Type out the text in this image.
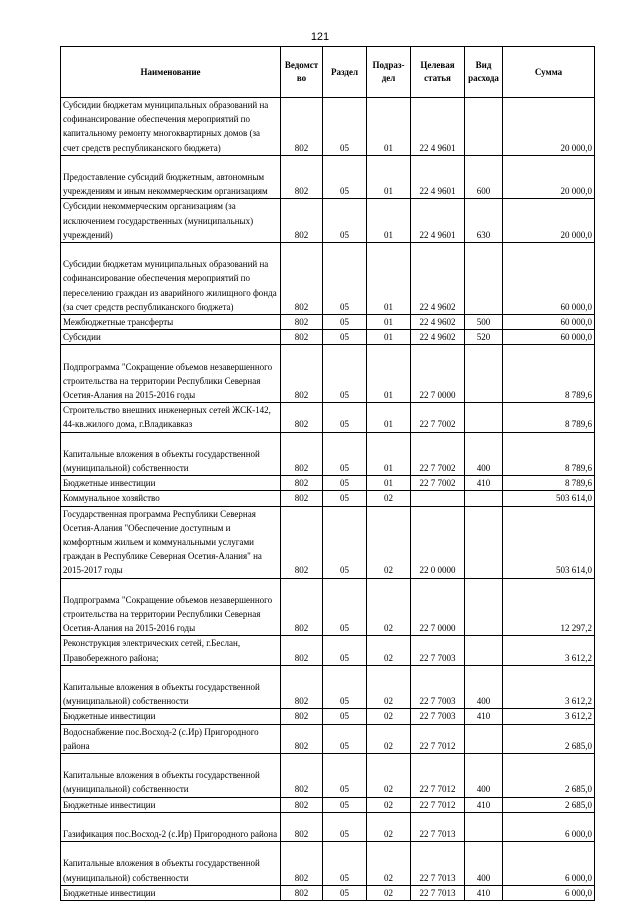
121
Наименование	Ведомст во	Раздел	Подраз- дел	Целевая статья	Вид расхода	Сумма
Субсидии бюджетам муниципальных образований на софинансирование обеспечения мероприятий по капитальному ремонту многоквартирных домов (за счет средств республиканского бюджета)	802	05	01	22 4 9601		20 000,0
Предоставление субсидий бюджетным, автономным учреждениям и иным некоммерческим организациям	802	05	01	22 4 9601	600	20 000,0
Субсидии некоммерческим организациям (за исключением государственных (муниципальных) учреждений)	802	05	01	22 4 9601	630	20 000,0
Субсидии бюджетам муниципальных образований на софинансирование обеспечения мероприятий по переселению граждан из аварийного жилищного фонда (за счет средств республиканского бюджета)	802	05	01	22 4 9602		60 000,0
Межбюджетные трансферты	802	05	01	22 4 9602	500	60 000,0
Субсидии	802	05	01	22 4 9602	520	60 000,0
Подпрограмма "Сокращение объемов незавершенного строительства на территории Республики Северная Осетия-Алания на 2015-2016 годы	802	05	01	22 7 0000		8 789,6
Строительство внешних инженерных сетей ЖСК-142, 44-кв.жилого дома, г.Владикавказ	802	05	01	22 7 7002		8 789,6
Капитальные вложения в объекты государственной (муниципальной) собственности	802	05	01	22 7 7002	400	8 789,6
Бюджетные инвестиции	802	05	01	22 7 7002	410	8 789,6
Коммунальное хозяйство	802	05	02			503 614,0
Государственная программа Республики Северная Осетия-Алания "Обеспечение доступным и комфортным жильем и коммунальными услугами граждан в Республике Северная Осетия-Алания" на 2015-2017 годы	802	05	02	22 0 0000		503 614,0
Подпрограмма "Сокращение объемов незавершенного строительства на территории Республики Северная Осетия-Алания на 2015-2016 годы	802	05	02	22 7 0000		12 297,2
Реконструкция электрических сетей, г.Беслан, Правобережного района;	802	05	02	22 7 7003		3 612,2
Капитальные вложения в объекты государственной (муниципальной) собственности	802	05	02	22 7 7003	400	3 612,2
Бюджетные инвестиции	802	05	02	22 7 7003	410	3 612,2
Водоснабжение пос.Восход-2 (с.Ир) Пригородного района	802	05	02	22 7 7012		2 685,0
Капитальные вложения в объекты государственной (муниципальной) собственности	802	05	02	22 7 7012	400	2 685,0
Бюджетные инвестиции	802	05	02	22 7 7012	410	2 685,0
Газификация пос.Восход-2 (с.Ир) Пригородного района	802	05	02	22 7 7013		6 000,0
Капитальные вложения в объекты государственной (муниципальной) собственности	802	05	02	22 7 7013	400	6 000,0
Бюджетные инвестиции	802	05	02	22 7 7013	410	6 000,0
